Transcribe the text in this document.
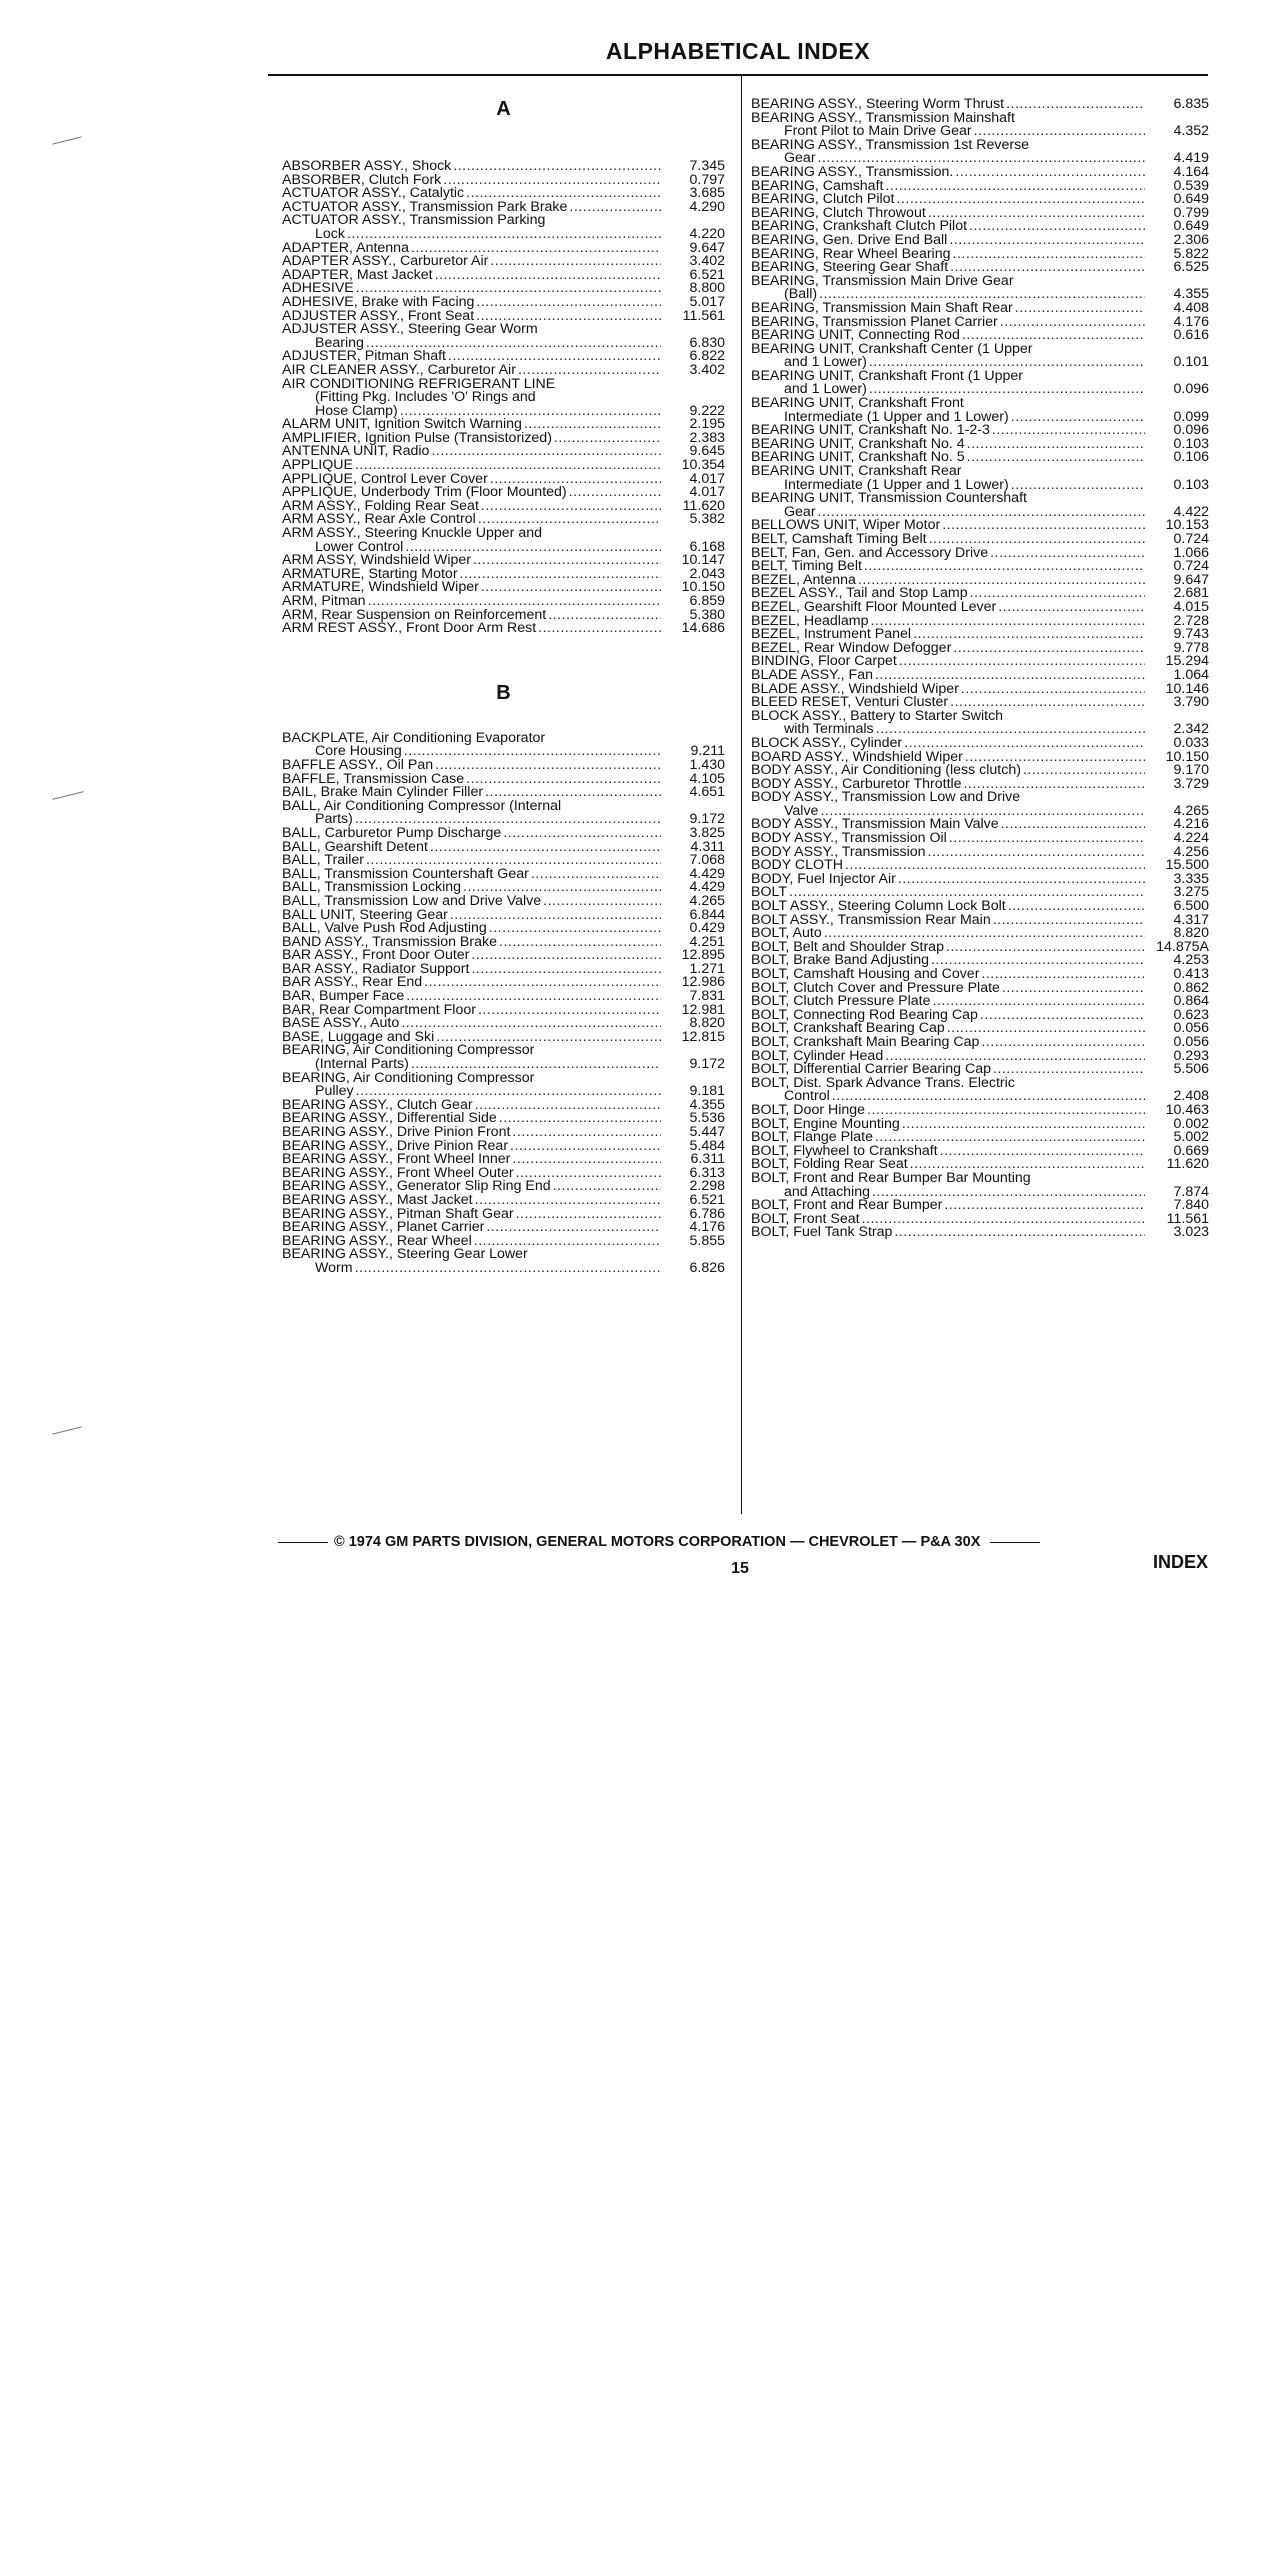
ALPHABETICAL INDEX
A
ABSORBER ASSY., Shock .....	7.345
ABSORBER, Clutch Fork .....	0.797
ACTUATOR ASSY., Catalytic .....	3.685
ACTUATOR ASSY., Transmission Park Brake .....	4.290
ACTUATOR ASSY., Transmission Parking
Lock .....	4.220
ADAPTER, Antenna .....	9.647
ADAPTER ASSY., Carburetor Air .....	3.402
ADAPTER, Mast Jacket .....	6.521
ADHESIVE .....	8.800
ADHESIVE, Brake with Facing .....	5.017
ADJUSTER ASSY., Front Seat .....	11.561
ADJUSTER ASSY., Steering Gear Worm
Bearing .....	6.830
ADJUSTER, Pitman Shaft .....	6.822
AIR CLEANER ASSY., Carburetor Air .....	3.402
AIR CONDITIONING REFRIGERANT LINE
(Fitting Pkg. Includes 'O' Rings and
Hose Clamp) .....	9.222
ALARM UNIT, Ignition Switch Warning .....	2.195
AMPLIFIER, Ignition Pulse (Transistorized) .....	2.383
ANTENNA UNIT, Radio .....	9.645
APPLIQUE .....	10.354
APPLIQUE, Control Lever Cover .....	4.017
APPLIQUE, Underbody Trim (Floor Mounted) .....	4.017
ARM ASSY., Folding Rear Seat .....	11.620
ARM ASSY., Rear Axle Control .....	5.382
ARM ASSY., Steering Knuckle Upper and
Lower Control .....	6.168
ARM ASSY, Windshield Wiper .....	10.147
ARMATURE, Starting Motor .....	2.043
ARMATURE, Windshield Wiper .....	10.150
ARM, Pitman .....	6.859
ARM, Rear Suspension on Reinforcement .....	5.380
ARM REST ASSY., Front Door Arm Rest .....	14.686
B
BACKPLATE, Air Conditioning Evaporator
Core Housing .....	9.211
BAFFLE ASSY., Oil Pan .....	1.430
BAFFLE, Transmission Case .....	4.105
BAIL, Brake Main Cylinder Filler .....	4.651
BALL, Air Conditioning Compressor (Internal
Parts) .....	9.172
BALL, Carburetor Pump Discharge .....	3.825
BALL, Gearshift Detent .....	4.311
BALL, Trailer .....	7.068
BALL, Transmission Countershaft Gear .....	4.429
BALL, Transmission Locking .....	4.429
BALL, Transmission Low and Drive Valve .....	4.265
BALL UNIT, Steering Gear .....	6.844
BALL, Valve Push Rod Adjusting .....	0.429
BAND ASSY., Transmission Brake .....	4.251
BAR ASSY., Front Door Outer .....	12.895
BAR ASSY., Radiator Support .....	1.271
BAR ASSY., Rear End .....	12.986
BAR, Bumper Face .....	7.831
BAR, Rear Compartment Floor .....	12.981
BASE ASSY., Auto .....	8.820
BASE, Luggage and Ski .....	12.815
BEARING, Air Conditioning Compressor
(Internal Parts) .....	9.172
BEARING, Air Conditioning Compressor
Pulley .....	9.181
BEARING ASSY., Clutch Gear .....	4.355
BEARING ASSY., Differential Side .....	5.536
BEARING ASSY., Drive Pinion Front .....	5.447
BEARING ASSY., Drive Pinion Rear .....	5.484
BEARING ASSY., Front Wheel Inner .....	6.311
BEARING ASSY., Front Wheel Outer .....	6.313
BEARING ASSY., Generator Slip Ring End .....	2.298
BEARING ASSY., Mast Jacket .....	6.521
BEARING ASSY., Pitman Shaft Gear .....	6.786
BEARING ASSY., Planet Carrier .....	4.176
BEARING ASSY., Rear Wheel .....	5.855
BEARING ASSY., Steering Gear Lower
Worm .....	6.826
BEARING ASSY., Steering Worm Thrust .....	6.835
BEARING ASSY., Transmission Mainshaft
Front Pilot to Main Drive Gear .....	4.352
BEARING ASSY., Transmission 1st Reverse
Gear .....	4.419
BEARING ASSY., Transmission. .....	4.164
BEARING, Camshaft .....	0.539
BEARING, Clutch Pilot .....	0.649
BEARING, Clutch Throwout .....	0.799
BEARING, Crankshaft Clutch Pilot .....	0.649
BEARING, Gen. Drive End Ball .....	2.306
BEARING, Rear Wheel Bearing .....	5.822
BEARING, Steering Gear Shaft .....	6.525
BEARING, Transmission Main Drive Gear
(Ball) .....	4.355
BEARING, Transmission Main Shaft Rear .....	4.408
BEARING, Transmission Planet Carrier .....	4.176
BEARING UNIT, Connecting Rod .....	0.616
BEARING UNIT, Crankshaft Center (1 Upper
and 1 Lower) .....	0.101
BEARING UNIT, Crankshaft Front (1 Upper
and 1 Lower) .....	0.096
BEARING UNIT, Crankshaft Front
Intermediate (1 Upper and 1 Lower) .....	0.099
BEARING UNIT, Crankshaft No. 1-2-3 .....	0.096
BEARING UNIT, Crankshaft No. 4 .....	0.103
BEARING UNIT, Crankshaft No. 5 .....	0.106
BEARING UNIT, Crankshaft Rear
Intermediate (1 Upper and 1 Lower) .....	0.103
BEARING UNIT, Transmission Countershaft
Gear .....	4.422
BELLOWS UNIT, Wiper Motor .....	10.153
BELT, Camshaft Timing Belt .....	0.724
BELT, Fan, Gen. and Accessory Drive .....	1.066
BELT, Timing Belt .....	0.724
BEZEL, Antenna .....	9.647
BEZEL ASSY., Tail and Stop Lamp .....	2.681
BEZEL, Gearshift Floor Mounted Lever .....	4.015
BEZEL, Headlamp .....	2.728
BEZEL, Instrument Panel .....	9.743
BEZEL, Rear Window Defogger .....	9.778
BINDING, Floor Carpet .....	15.294
BLADE ASSY., Fan .....	1.064
BLADE ASSY., Windshield Wiper .....	10.146
BLEED RESET, Venturi Cluster .....	3.790
BLOCK ASSY., Battery to Starter Switch
with Terminals .....	2.342
BLOCK ASSY., Cylinder .....	0.033
BOARD ASSY., Windshield Wiper .....	10.150
BODY ASSY., Air Conditioning (less clutch) .....	9.170
BODY ASSY., Carburetor Throttle .....	3.729
BODY ASSY., Transmission Low and Drive
Valve .....	4.265
BODY ASSY., Transmission Main Valve .....	4.216
BODY ASSY., Transmission Oil .....	4.224
BODY ASSY., Transmission .....	4.256
BODY CLOTH .....	15.500
BODY, Fuel Injector Air .....	3.335
BOLT .....	3.275
BOLT ASSY., Steering Column Lock Bolt .....	6.500
BOLT ASSY., Transmission Rear Main .....	4.317
BOLT, Auto .....	8.820
BOLT, Belt and Shoulder Strap .....	14.875A
BOLT, Brake Band Adjusting .....	4.253
BOLT, Camshaft Housing and Cover .....	0.413
BOLT, Clutch Cover and Pressure Plate .....	0.862
BOLT, Clutch Pressure Plate .....	0.864
BOLT, Connecting Rod Bearing Cap .....	0.623
BOLT, Crankshaft Bearing Cap .....	0.056
BOLT, Crankshaft Main Bearing Cap .....	0.056
BOLT, Cylinder Head .....	0.293
BOLT, Differential Carrier Bearing Cap .....	5.506
BOLT, Dist. Spark Advance Trans. Electric
Control .....	2.408
BOLT, Door Hinge .....	10.463
BOLT, Engine Mounting .....	0.002
BOLT, Flange Plate .....	5.002
BOLT, Flywheel to Crankshaft .....	0.669
BOLT, Folding Rear Seat .....	11.620
BOLT, Front and Rear Bumper Bar Mounting
and Attaching .....	7.874
BOLT, Front and Rear Bumper .....	7.840
BOLT, Front Seat .....	11.561
BOLT, Fuel Tank Strap .....	3.023
© 1974 GM PARTS DIVISION, GENERAL MOTORS CORPORATION — CHEVROLET — P&A 30X
15	INDEX
